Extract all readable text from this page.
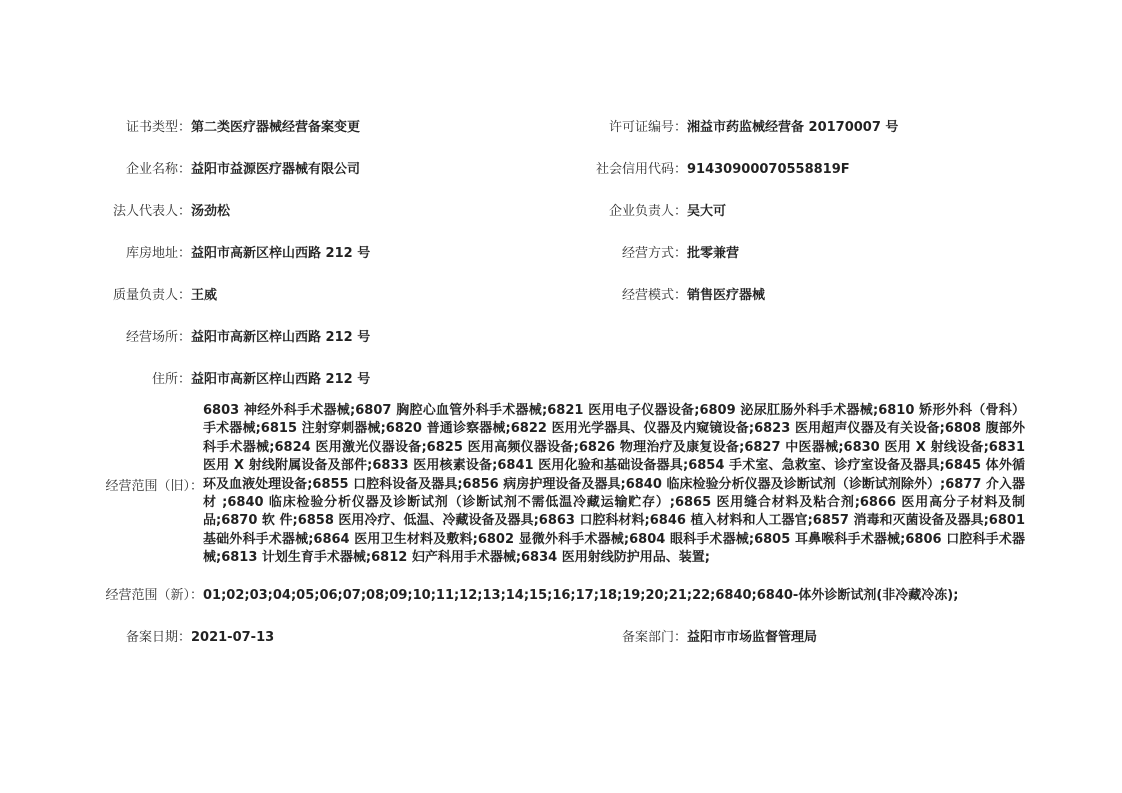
证书类型： 第二类医疗器械经营备案变更	许可证编号： 湘益市药监械经营备 20170007 号
企业名称： 益阳市益源医疗器械有限公司	社会信用代码： 91430900070558819F
法人代表人： 汤劲松	企业负责人： 吴大可
库房地址： 益阳市高新区梓山西路 212 号	经营方式： 批零兼营
质量负责人： 王威	经营模式： 销售医疗器械
经营场所： 益阳市高新区梓山西路 212 号
住所： 益阳市高新区梓山西路 212 号
经营范围（旧）：
6803 神经外科手术器械;6807 胸腔心血管外科手术器械;6821 医用电子仪器设备;6809 泌尿肛肠外科手术器械;6810 矫形外科（骨科）手术器械;6815 注射穿刺器械;6820 普通诊察器械;6822 医用光学器具、仪器及内窥镜设备;6823 医用超声仪器及有关设备;6808 腹部外科手术器械;6824 医用激光仪器设备;6825 医用高频仪器设备;6826 物理治疗及康复设备;6827 中医器械;6830 医用 X 射线设备;6831 医用 X 射线附属设备及部件;6833 医用核素设备;6841 医用化验和基础设备器具;6854 手术室、急救室、诊疗室设备及器具;6845 体外循环及血液处理设备;6855 口腔科设备及器具;6856 病房护理设备及器具;6840 临床检验分析仪器及诊断试剂（诊断试剂除外）;6877 介入器材 ;6840 临床检验分析仪器及诊断试剂（诊断试剂不需低温冷藏运输贮存）;6865 医用缝合材料及粘合剂;6866 医用高分子材料及制品;6870 软 件;6858 医用冷疗、低温、冷藏设备及器具;6863 口腔科材料;6846 植入材料和人工器官;6857 消毒和灭菌设备及器具;6801 基础外科手术器械;6864 医用卫生材料及敷料;6802 显微外科手术器械;6804 眼科手术器械;6805 耳鼻喉科手术器械;6806 口腔科手术器械;6813 计划生育手术器械;6812 妇产科用手术器械;6834 医用射线防护用品、装置;
经营范围（新）： 01;02;03;04;05;06;07;08;09;10;11;12;13;14;15;16;17;18;19;20;21;22;6840;6840-体外诊断试剂(非冷藏冷冻);
备案日期： 2021-07-13	备案部门： 益阳市市场监督管理局
